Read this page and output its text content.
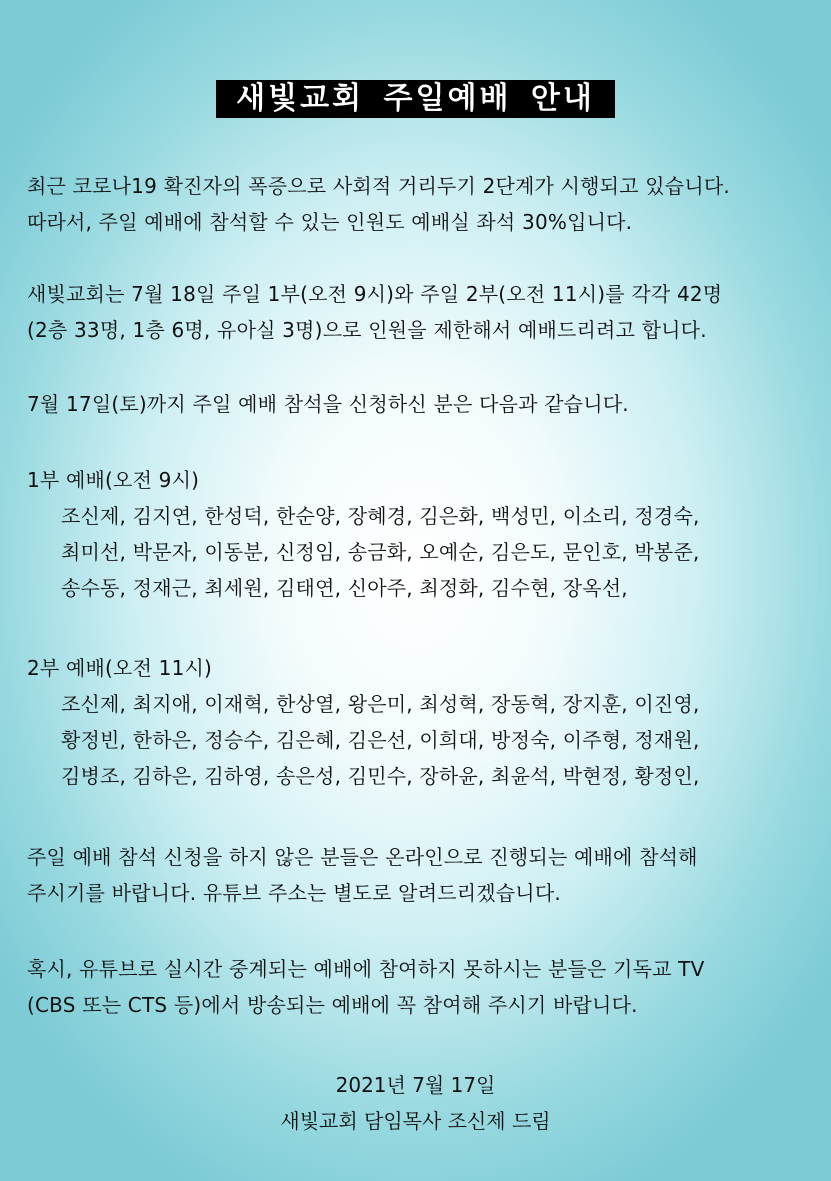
새빛교회 주일예배 안내
최근 코로나19 확진자의 폭증으로 사회적 거리두기 2단계가 시행되고 있습니다.
따라서, 주일 예배에 참석할 수 있는 인원도 예배실 좌석 30%입니다.
새빛교회는 7월 18일 주일 1부(오전 9시)와 주일 2부(오전 11시)를 각각 42명
(2층 33명, 1층 6명, 유아실 3명)으로 인원을 제한해서 예배드리려고 합니다.
7월 17일(토)까지 주일 예배 참석을 신청하신 분은 다음과 같습니다.
1부 예배(오전 9시)
조신제, 김지연, 한성덕, 한순양, 장혜경, 김은화, 백성민, 이소리, 정경숙,
최미선, 박문자, 이동분, 신정임, 송금화, 오예순, 김은도, 문인호, 박봉준,
송수동, 정재근, 최세원, 김태연, 신아주, 최정화, 김수현, 장옥선,
2부 예배(오전 11시)
조신제, 최지애, 이재혁, 한상열, 왕은미, 최성혁, 장동혁, 장지훈, 이진영,
황정빈, 한하은, 정승수, 김은혜, 김은선, 이희대, 방정숙, 이주형, 정재원,
김병조, 김하은, 김하영, 송은성, 김민수, 장하윤, 최윤석, 박현정, 황정인,
주일 예배 참석 신청을 하지 않은 분들은 온라인으로 진행되는 예배에 참석해
주시기를 바랍니다. 유튜브 주소는 별도로 알려드리겠습니다.
혹시, 유튜브로 실시간 중계되는 예배에 참여하지 못하시는 분들은 기독교 TV
(CBS 또는 CTS 등)에서 방송되는 예배에 꼭 참여해 주시기 바랍니다.
2021년 7월 17일
새빛교회 담임목사 조신제 드림
